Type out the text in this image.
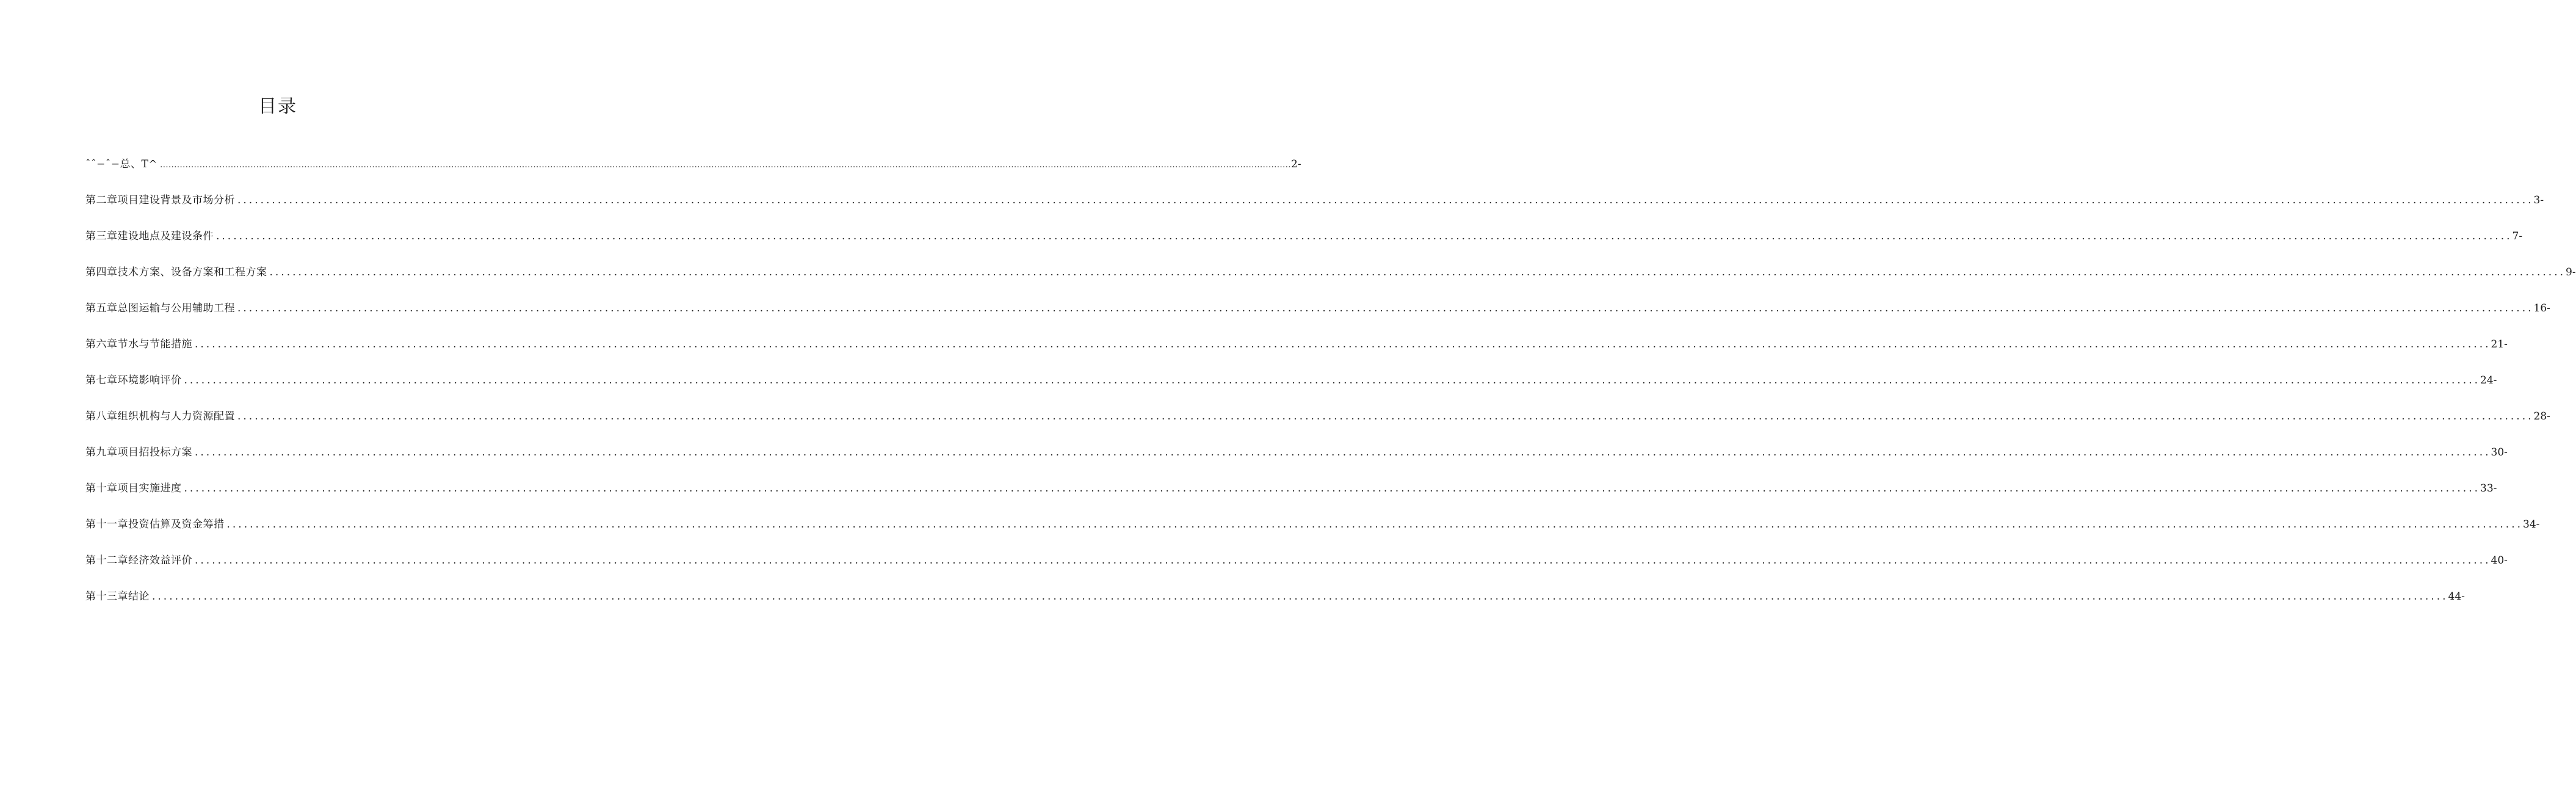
目录
ˆˆ−ˆ−总、T^ ................................................................................................................................................................................................................................................................................................................................................................................................................ 2-
第二章项目建设背景及市场分析 ................................................................................................................................................................................................................................................................................................................................................................................................................ 3-
第三章建设地点及建设条件 ................................................................................................................................................................................................................................................................................................................................................................................................................ 7-
第四章技术方案、设备方案和工程方案 ................................................................................................................................................................................................................................................................................................................................................................................................................ 9-
第五章总图运输与公用辅助工程 ................................................................................................................................................................................................................................................................................................................................................................................................................ 16-
第六章节水与节能措施 ................................................................................................................................................................................................................................................................................................................................................................................................................ 21-
第七章环境影响评价 ................................................................................................................................................................................................................................................................................................................................................................................................................ 24-
第八章组织机构与人力资源配置 ................................................................................................................................................................................................................................................................................................................................................................................................................ 28-
第九章项目招投标方案 ................................................................................................................................................................................................................................................................................................................................................................................................................ 30-
第十章项目实施进度 ................................................................................................................................................................................................................................................................................................................................................................................................................ 33-
第十一章投资估算及资金筹措 ................................................................................................................................................................................................................................................................................................................................................................................................................ 34-
第十二章经济效益评价 ................................................................................................................................................................................................................................................................................................................................................................................................................ 40-
第十三章结论 ................................................................................................................................................................................................................................................................................................................................................................................................................ 44-
